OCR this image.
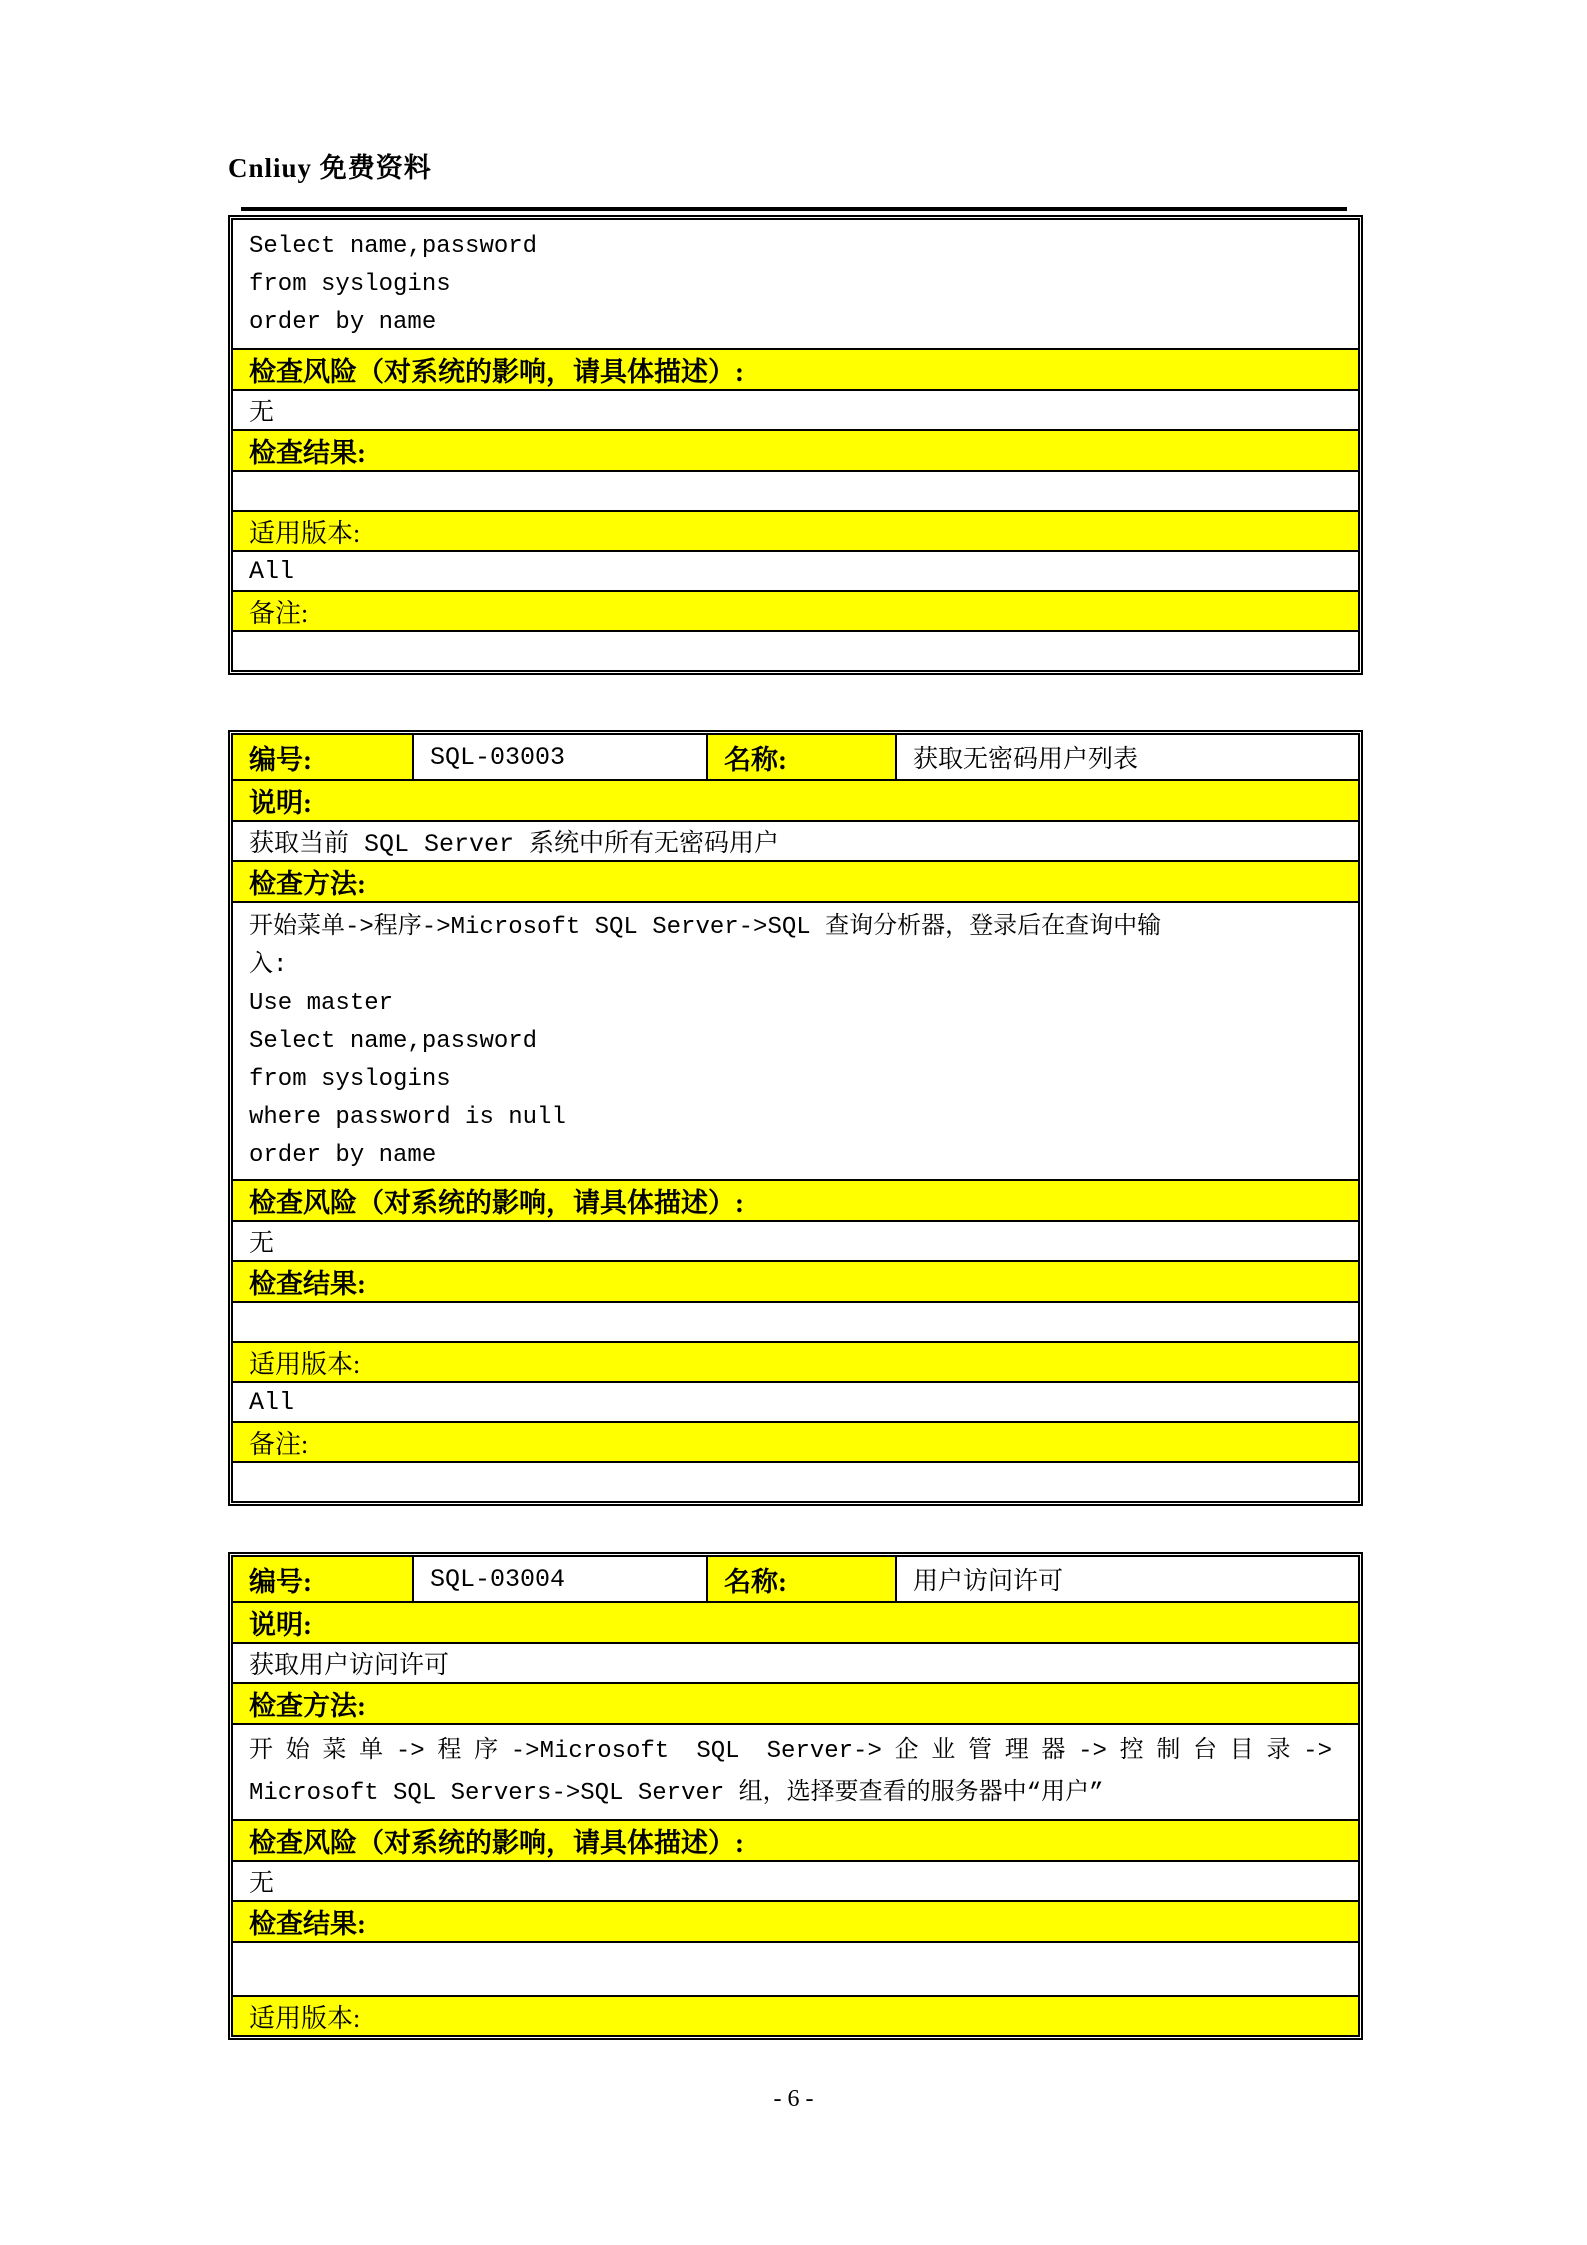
Cnliuy 免费资料
Select name,password
from syslogins
order by name
检查风险（对系统的影响，请具体描述）:
无
检查结果:
适用版本:
All
备注:
编号:	SQL-03003	名称:	获取无密码用户列表
说明:
获取当前 SQL Server 系统中所有无密码用户
检查方法:
开始菜单->程序->Microsoft SQL Server->SQL 查询分析器，登录后在查询中输
入:
Use master
Select name,password
from syslogins
where password is null
order by name
检查风险（对系统的影响，请具体描述）:
无
检查结果:
适用版本:
All
备注:
编号:	SQL-03004	名称:	用户访问许可
说明:
获取用户访问许可
检查方法:
开始菜单->程序->Microsoft SQL Server->企业管理器->控制台目录->
Microsoft SQL Servers->SQL Server 组，选择要查看的服务器中“用户”
检查风险（对系统的影响，请具体描述）:
无
检查结果:
适用版本:
- 6 -
